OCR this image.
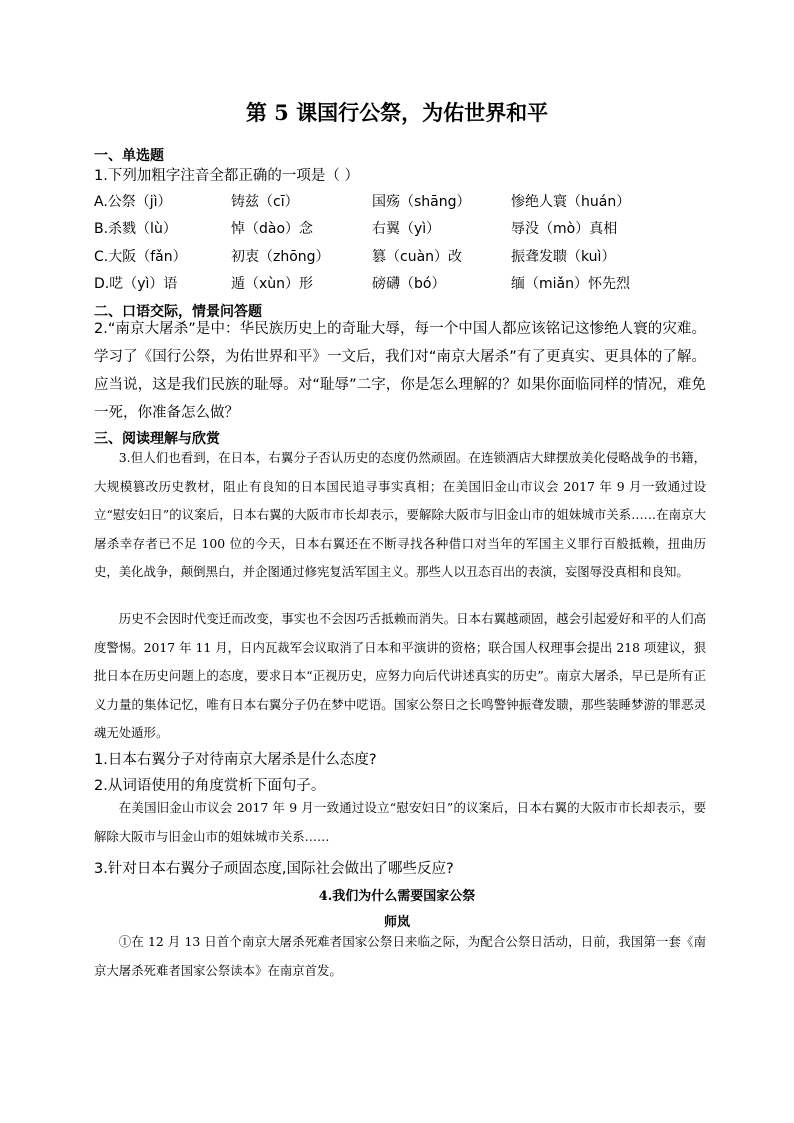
第 5 课国行公祭，为佑世界和平
一、单选题
1.下列加粗字注音全都正确的一项是（ ）
A.公祭（jì）	铸兹（cī）	国殇（shāng）	惨绝人寰（huán）
B.杀戮（lù）	悼（dào）念	右翼（yì）	辱没（mò）真相
C.大阪（fǎn）	初衷（zhōng）	篡（cuàn）改	振聋发聩（kuì）
D.呓（yì）语	遁（xùn）形	磅礴（bó）	缅（miǎn）怀先烈
二、口语交际，情景问答题
2.“南京大屠杀”是中：华民族历史上的奇耻大辱，每一个中国人都应该铭记这惨绝人寰的灾难。学习了《国行公祭，为佑世界和平》一文后，我们对“南京大屠杀”有了更真实、更具体的了解。应当说，这是我们民族的耻辱。对“耻辱”二字，你是怎么理解的？如果你面临同样的情况，难免一死，你准备怎么做？
三、阅读理解与欣赏

3.但人们也看到，在日本，右翼分子否认历史的态度仍然顽固。在连锁酒店大肆摆放美化侵略战争的书籍，大规模篡改历史教材，阻止有良知的日本国民追寻事实真相；在美国旧金山市议会 2017 年 9 月一致通过设立“慰安妇日”的议案后，日本右翼的大阪市市长却表示，要解除大阪市与旧金山市的姐妹城市关系……在南京大屠杀幸存者已不足 100 位的今天，日本右翼还在不断寻找各种借口对当年的军国主义罪行百般抵赖，扭曲历史，美化战争，颠倒黑白，并企图通过修宪复活军国主义。那些人以丑态百出的表演，妄图辱没真相和良知。

历史不会因时代变迁而改变，事实也不会因巧舌抵赖而消失。日本右翼越顽固，越会引起爱好和平的人们高度警惕。2017 年 11 月，日内瓦裁军会议取消了日本和平演讲的资格；联合国人权理事会提出 218 项建议，狠批日本在历史问题上的态度，要求日本“正视历史，应努力向后代讲述真实的历史”。南京大屠杀，早已是所有正义力量的集体记忆，唯有日本右翼分子仍在梦中呓语。国家公祭日之长鸣警钟振聋发聩，那些装睡梦游的罪恶灵魂无处遁形。

1.日本右翼分子对待南京大屠杀是什么态度?
2.从词语使用的角度赏析下面句子。

在美国旧金山市议会 2017 年 9 月一致通过设立“慰安妇日”的议案后，日本右翼的大阪市市长却表示，要解除大阪市与旧金山市的姐妹城市关系……

3.针对日本右翼分子顽固态度,国际社会做出了哪些反应?
4.我们为什么需要国家公祭
师岚

①在 12 月 13 日首个南京大屠杀死难者国家公祭日来临之际，为配合公祭日活动，日前，我国第一套《南京大屠杀死难者国家公祭读本》在南京首发。
